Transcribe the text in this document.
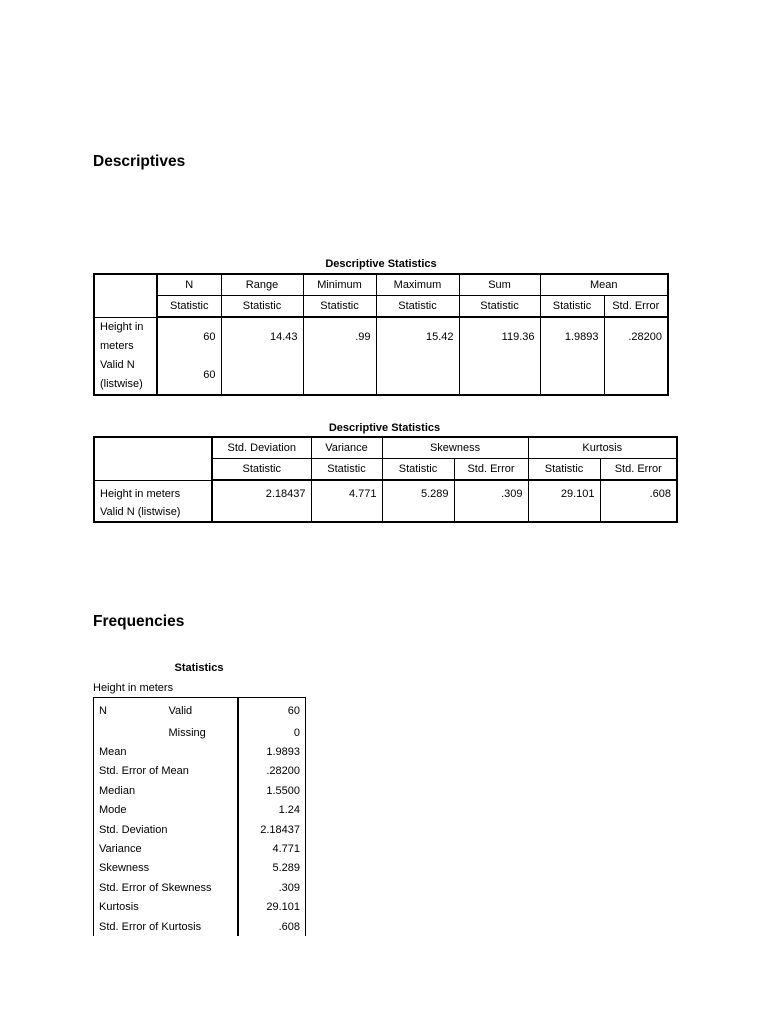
Descriptives
Descriptive Statistics
	N	Range	Minimum	Maximum	Sum	Mean	
	Statistic	Statistic	Statistic	Statistic	Statistic	Statistic	Std. Error

Height in
meters	60	14.43	.99	15.42	119.36	1.9893	.28200

Valid N
(listwise)	60						
Descriptive Statistics
	Std. Deviation	Variance	Skewness		Kurtosis	
	Statistic	Statistic	Statistic	Std. Error	Statistic	Std. Error
Height in meters	2.18437	4.771	5.289	.309	29.101	.608
Valid N (listwise)						
Frequencies
Statistics
Height in meters
N	Valid	60
	Missing	0
Mean		1.9893
Std. Error of Mean		.28200
Median		1.5500
Mode		1.24
Std. Deviation		2.18437
Variance		4.771
Skewness		5.289
Std. Error of Skewness		.309
Kurtosis		29.101
Std. Error of Kurtosis		.608
